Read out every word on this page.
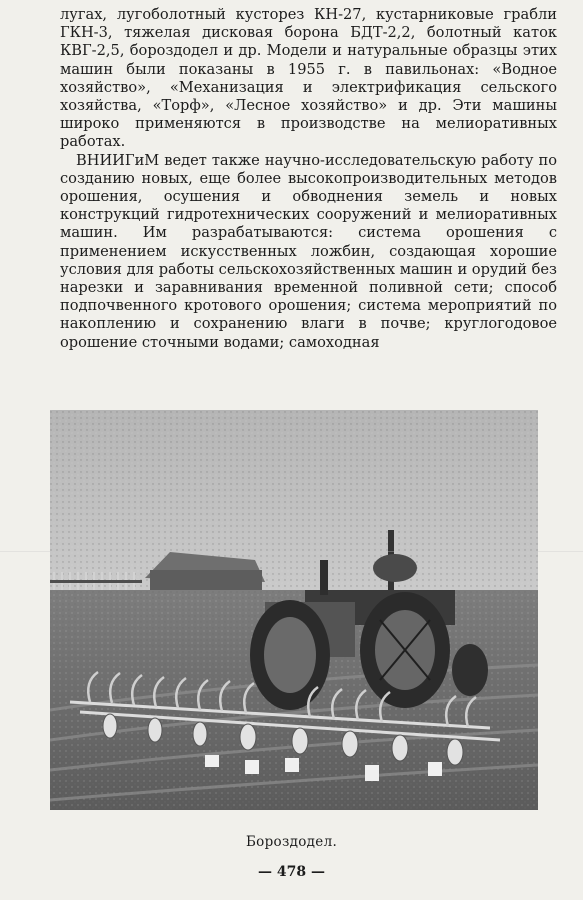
лугах, лугоболотный кусторез КН-27, кустарниковые грабли ГКН-3, тяжелая дисковая борона БДТ-2,2, болотный каток КВГ-2,5, бороздодел и др. Модели и натуральные образцы этих машин были показаны в 1955 г. в павильонах: «Водное хозяйство», «Механизация и электрификация сельского хозяйства, «Торф», «Лесное хозяйство» и др. Эти машины широко применяются в производстве на мелиоративных работах.

ВНИИГиМ ведет также научно-исследовательскую работу по созданию новых, еще более высокопроизводительных методов орошения, осушения и обводнения земель и новых конструкций гидротехнических сооружений и мелиоративных машин. Им разрабатываются: система орошения с применением искусственных ложбин, создающая хорошие условия для работы сельскохозяйственных машин и орудий без нарезки и заравнивания временной поливной сети; способ подпочвенного кротового орошения; система мероприятий по накоплению и сохранению влаги в почве; круглогодовое орошение сточными водами; самоходная

Бороздодел.
— 478 —
